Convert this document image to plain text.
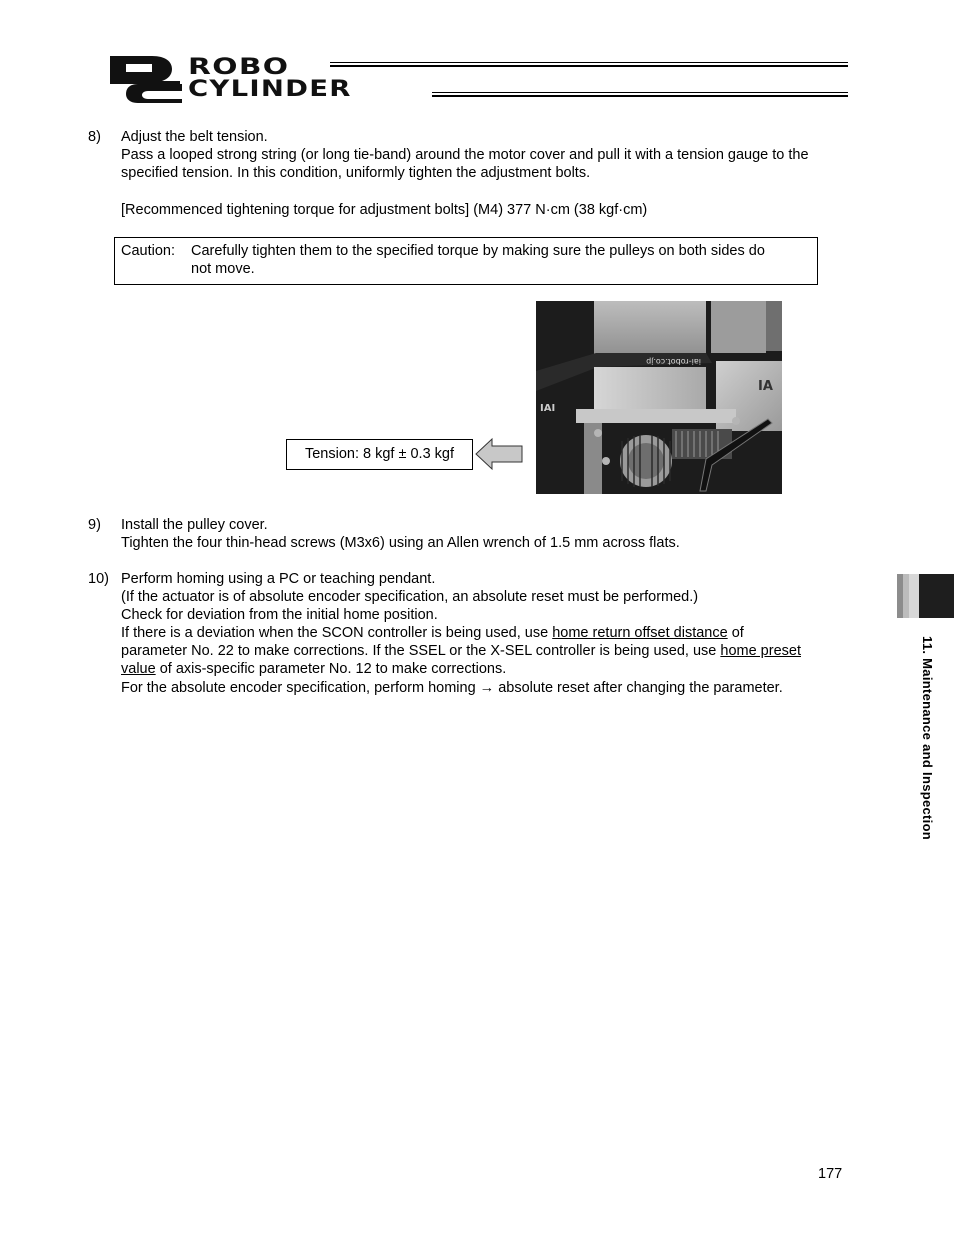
ROBO
CYLINDER
8) Adjust the belt tension.
Pass a looped strong string (or long tie-band) around the motor cover and pull it with a tension gauge to the
specified tension. In this condition, uniformly tighten the adjustment bolts.
[Recommenced tightening torque for adjustment bolts] (M4) 377 N·cm (38 kgf·cm)
Caution: Carefully tighten them to the specified torque by making sure the pulleys on both sides do
not move.
Tension: 8 kgf ± 0.3 kgf
iai-robot.co.jp
IA
IAI
9) Install the pulley cover.
Tighten the four thin-head screws (M3x6) using an Allen wrench of 1.5 mm across flats.
10) Perform homing using a PC or teaching pendant.
(If the actuator is of absolute encoder specification, an absolute reset must be performed.)
Check for deviation from the initial home position.
If there is a deviation when the SCON controller is being used, use home return offset distance of
parameter No. 22 to make corrections. If the SSEL or the X-SEL controller is being used, use home preset
value of axis-specific parameter No. 12 to make corrections.
For the absolute encoder specification, perform homing → absolute reset after changing the parameter.	11. Maintenance and Inspection
177
